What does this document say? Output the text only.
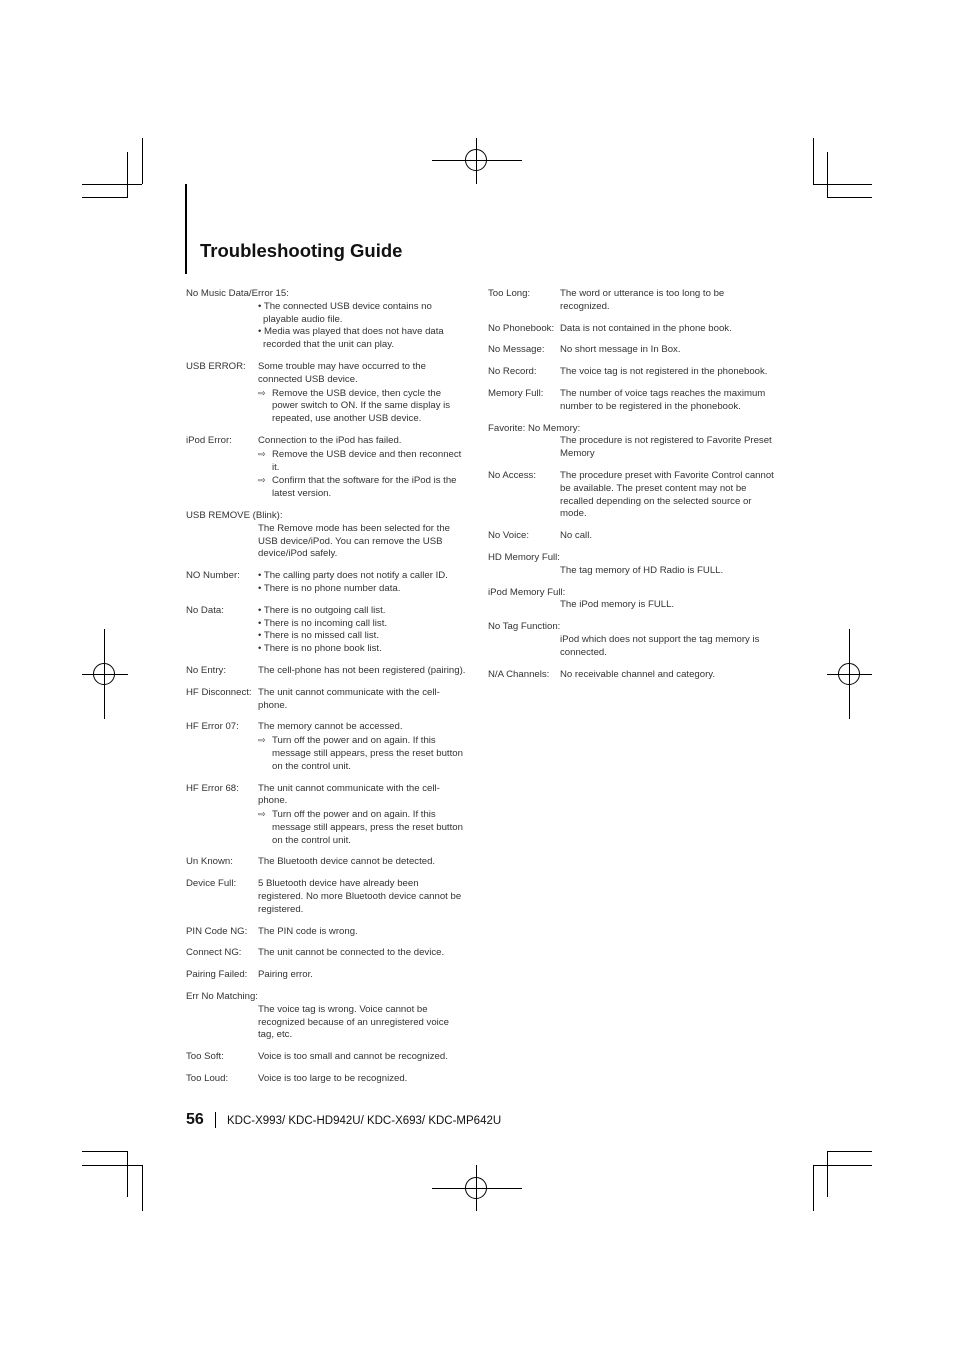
Troubleshooting Guide
No Music Data/Error 15:
• The connected USB device contains no playable audio file.
• Media was played that does not have data recorded that the unit can play.
USB ERROR: Some trouble may have occurred to the connected USB device.
⇨ Remove the USB device, then cycle the power switch to ON. If the same display is repeated, use another USB device.
iPod Error:	Connection to the iPod has failed.
⇨ Remove the USB device and then reconnect it.
⇨ Confirm that the software for the iPod is the latest version.
USB REMOVE (Blink):
The Remove mode has been selected for the USB device/iPod. You can remove the USB device/iPod safely.
NO Number: • The calling party does not notify a caller ID.
• There is no phone number data.
No Data:	• There is no outgoing call list.
• There is no incoming call list.
• There is no missed call list.
• There is no phone book list.
No Entry:	The cell-phone has not been registered (pairing).
HF Disconnect: The unit cannot communicate with the cell-phone.
HF Error 07: The memory cannot be accessed.
⇨ Turn off the power and on again. If this message still appears, press the reset button on the control unit.
HF Error 68: The unit cannot communicate with the cell-phone.
⇨ Turn off the power and on again. If this message still appears, press the reset button on the control unit.
Un Known:	The Bluetooth device cannot be detected.
Device Full: 5 Bluetooth device have already been registered. No more Bluetooth device cannot be registered.
PIN Code NG: The PIN code is wrong.
Connect NG: The unit cannot be connected to the device.
Pairing Failed: Pairing error.
Err No Matching:
The voice tag is wrong. Voice cannot be recognized because of an unregistered voice tag, etc.
Too Soft:	Voice is too small and cannot be recognized.
Too Loud:	Voice is too large to be recognized.
Too Long:	The word or utterance is too long to be recognized.
No Phonebook: Data is not contained in the phone book.
No Message: No short message in In Box.
No Record: The voice tag is not registered in the phonebook.
Memory Full: The number of voice tags reaches the maximum number to be registered in the phonebook.
Favorite: No Memory:
The procedure is not registered to Favorite Preset Memory
No Access:	The procedure preset with Favorite Control cannot be available. The preset content may not be recalled depending on the selected source or mode.
No Voice:	No call.
HD Memory Full:
The tag memory of HD Radio is FULL.
iPod Memory Full:
The iPod memory is FULL.
No Tag Function:
iPod which does not support the tag memory is connected.
N/A Channels: No receivable channel and category.
56 KDC-X993/ KDC-HD942U/ KDC-X693/ KDC-MP642U
